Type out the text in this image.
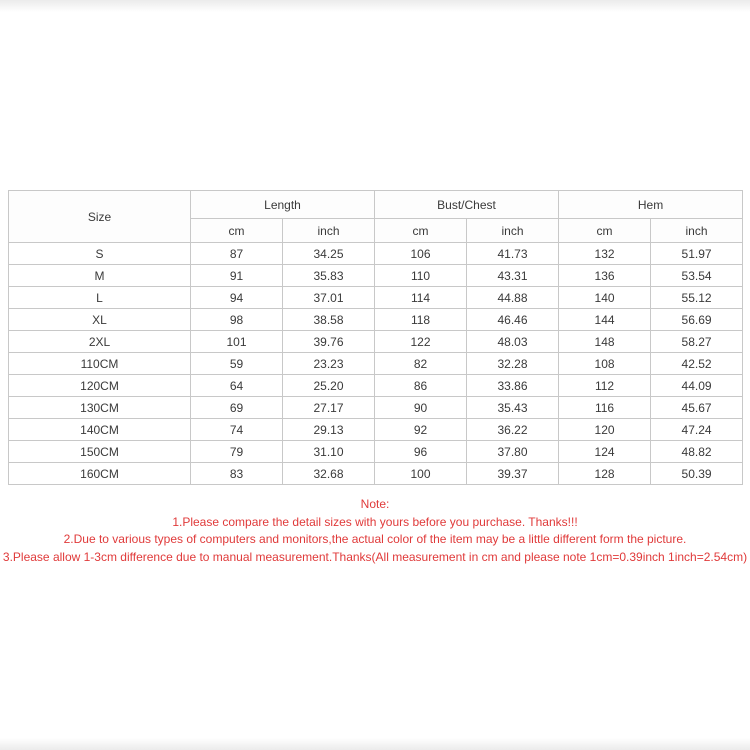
Size	Length		Bust/Chest		Hem	
	cm	inch	cm	inch	cm	inch
S	87	34.25	106	41.73	132	51.97
M	91	35.83	110	43.31	136	53.54
L	94	37.01	114	44.88	140	55.12
XL	98	38.58	118	46.46	144	56.69
2XL	101	39.76	122	48.03	148	58.27
110CM	59	23.23	82	32.28	108	42.52
120CM	64	25.20	86	33.86	112	44.09
130CM	69	27.17	90	35.43	116	45.67
140CM	74	29.13	92	36.22	120	47.24
150CM	79	31.10	96	37.80	124	48.82
160CM	83	32.68	100	39.37	128	50.39
Note:
1.Please compare the detail sizes with yours before you purchase. Thanks!!!
2.Due to various types of computers and monitors,the actual color of the item may be a little different form the picture.
3.Please allow 1-3cm difference due to manual measurement.Thanks(All measurement in cm and please note 1cm=0.39inch 1inch=2.54cm)
